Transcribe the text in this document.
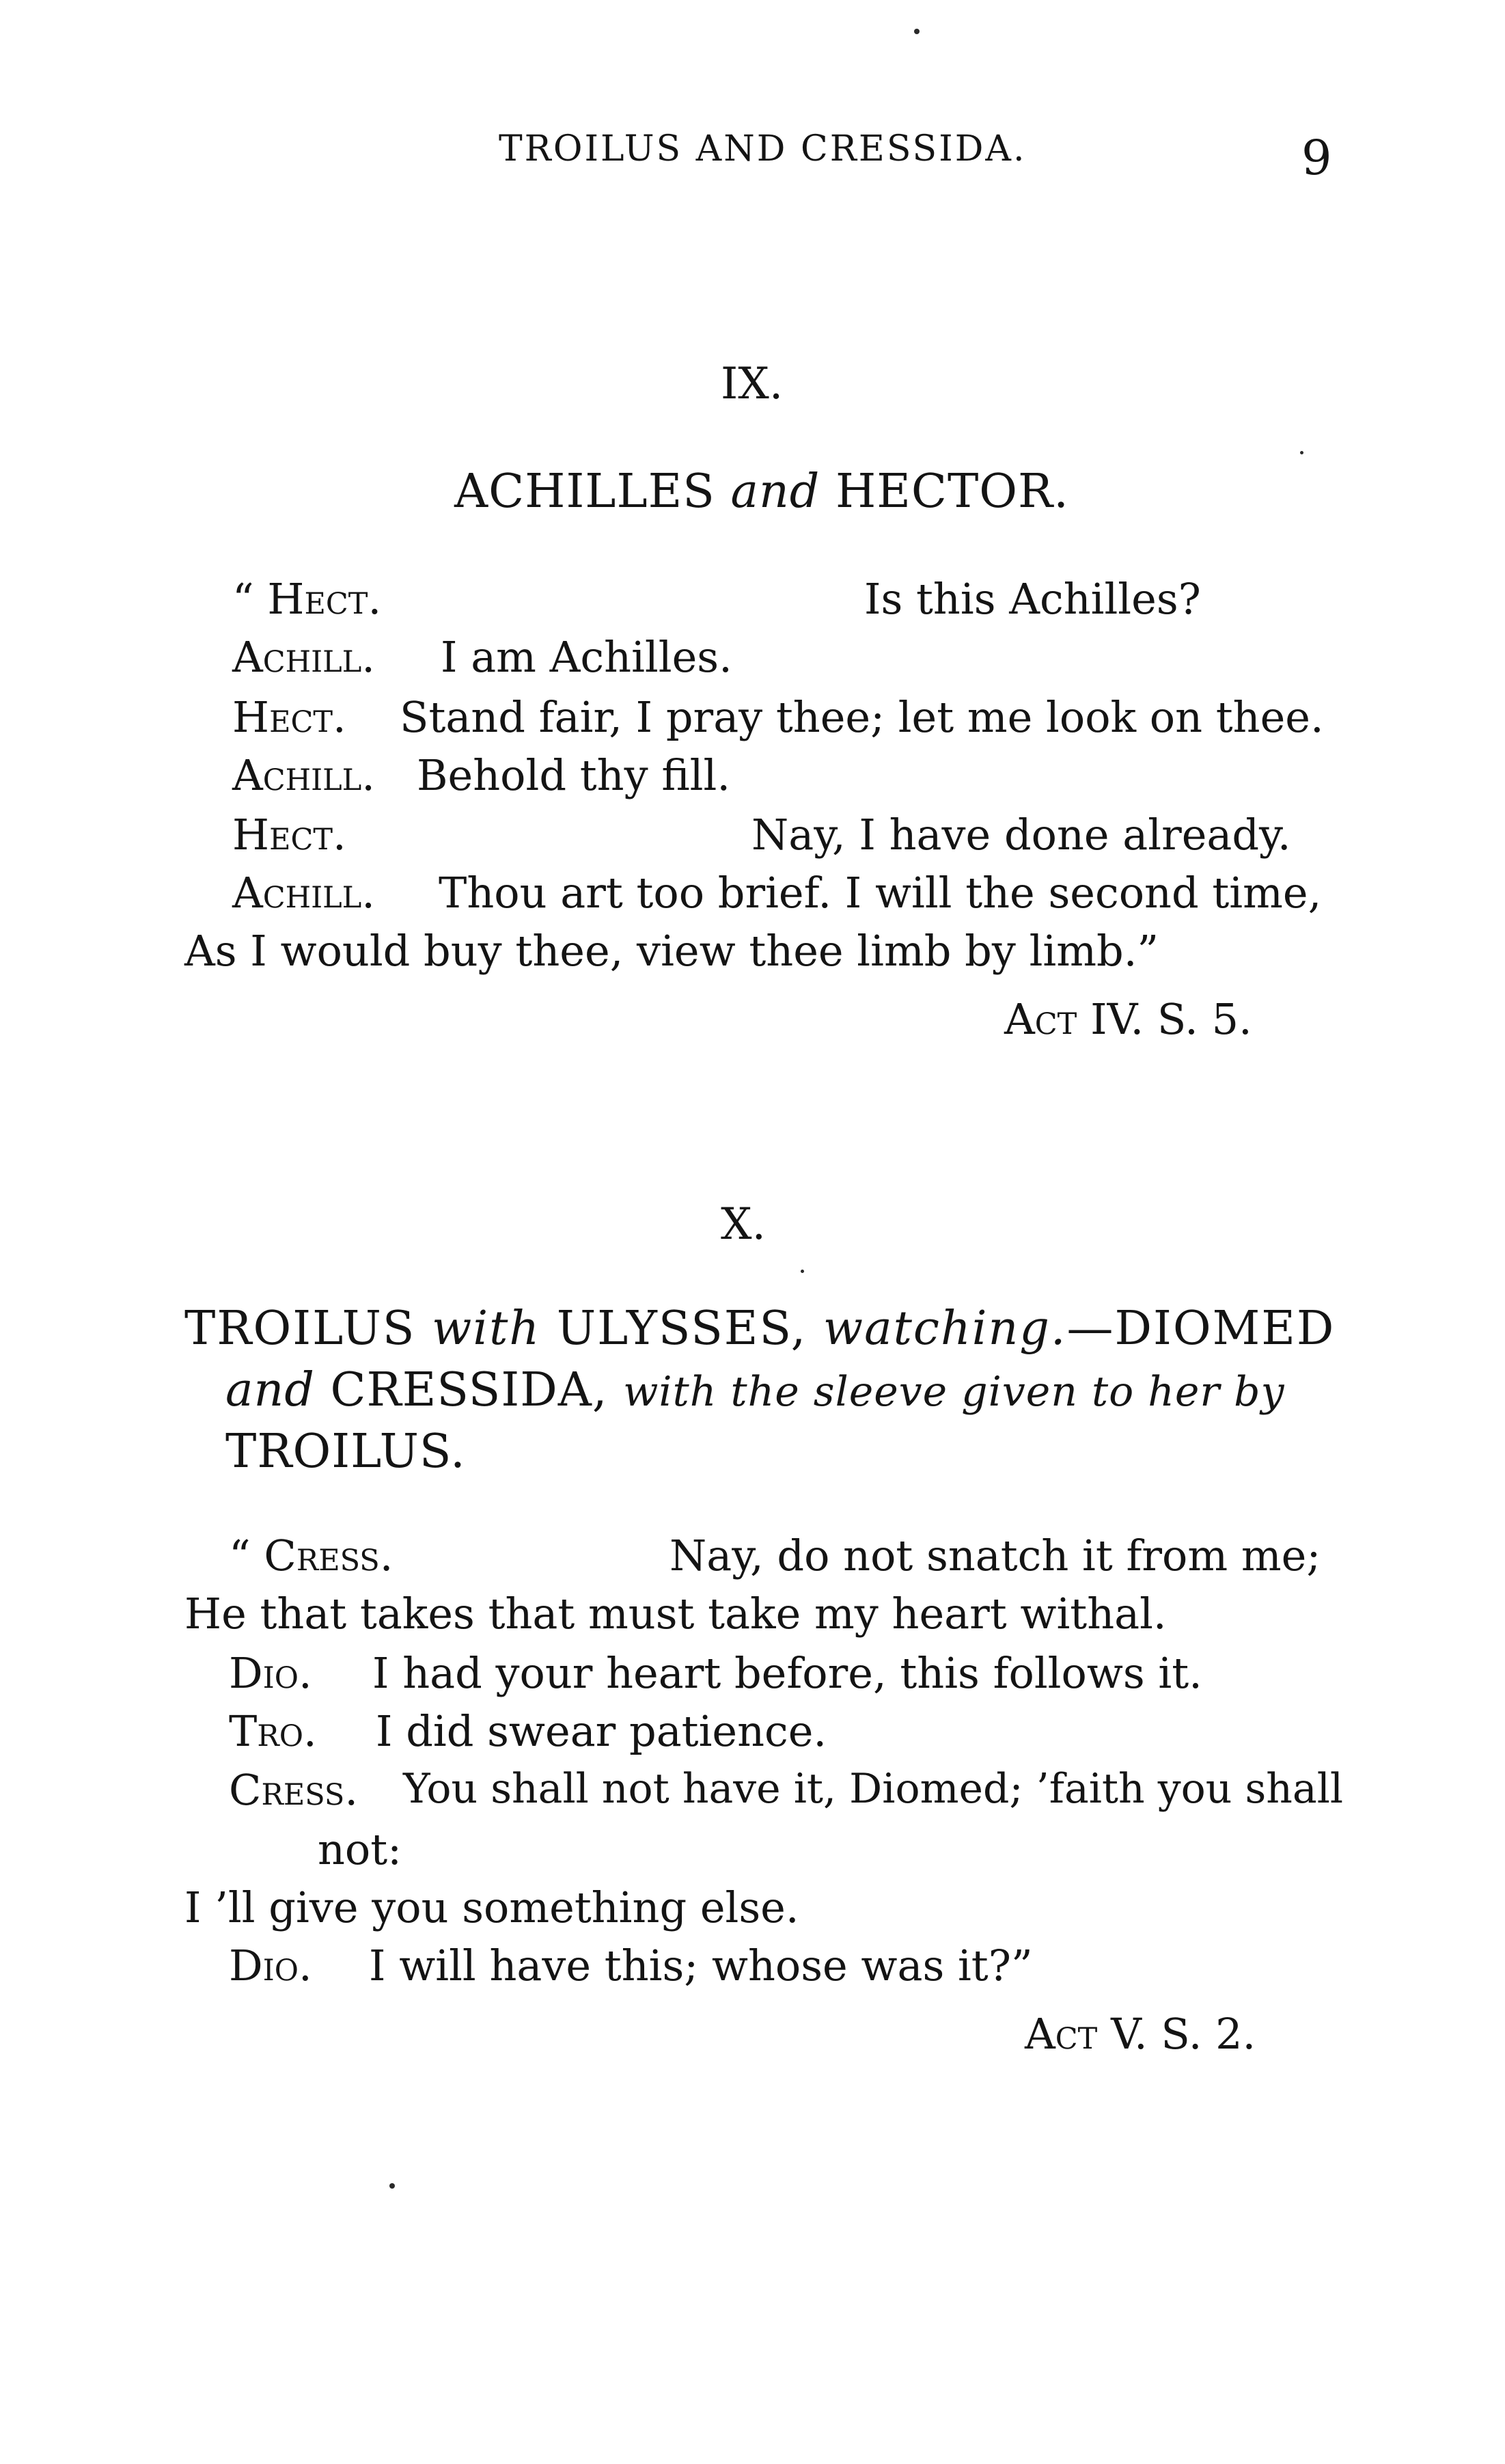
TROILUS AND CRESSIDA.	9
IX.
ACHILLES and HECTOR.
“ Hect.	Is this Achilles?
Achill. I am Achilles.
Hect. Stand fair, I pray thee; let me look on thee.
Achill. Behold thy fill.
Hect.	Nay, I have done already.
Achill. Thou art too brief. I will the second time,
As I would buy thee, view thee limb by limb.”
Act IV. S. 5.
X.
TROILUS with ULYSSES, watching.—DIOMED
and CRESSIDA, with the sleeve given to her by
TROILUS.
“ Cress.	Nay, do not snatch it from me;
He that takes that must take my heart withal.
Dio. I had your heart before, this follows it.
Tro. I did swear patience.
Cress. You shall not have it, Diomed; ’faith you shall
not:
I ’ll give you something else.
Dio. I will have this; whose was it?”
Act V. S. 2.
